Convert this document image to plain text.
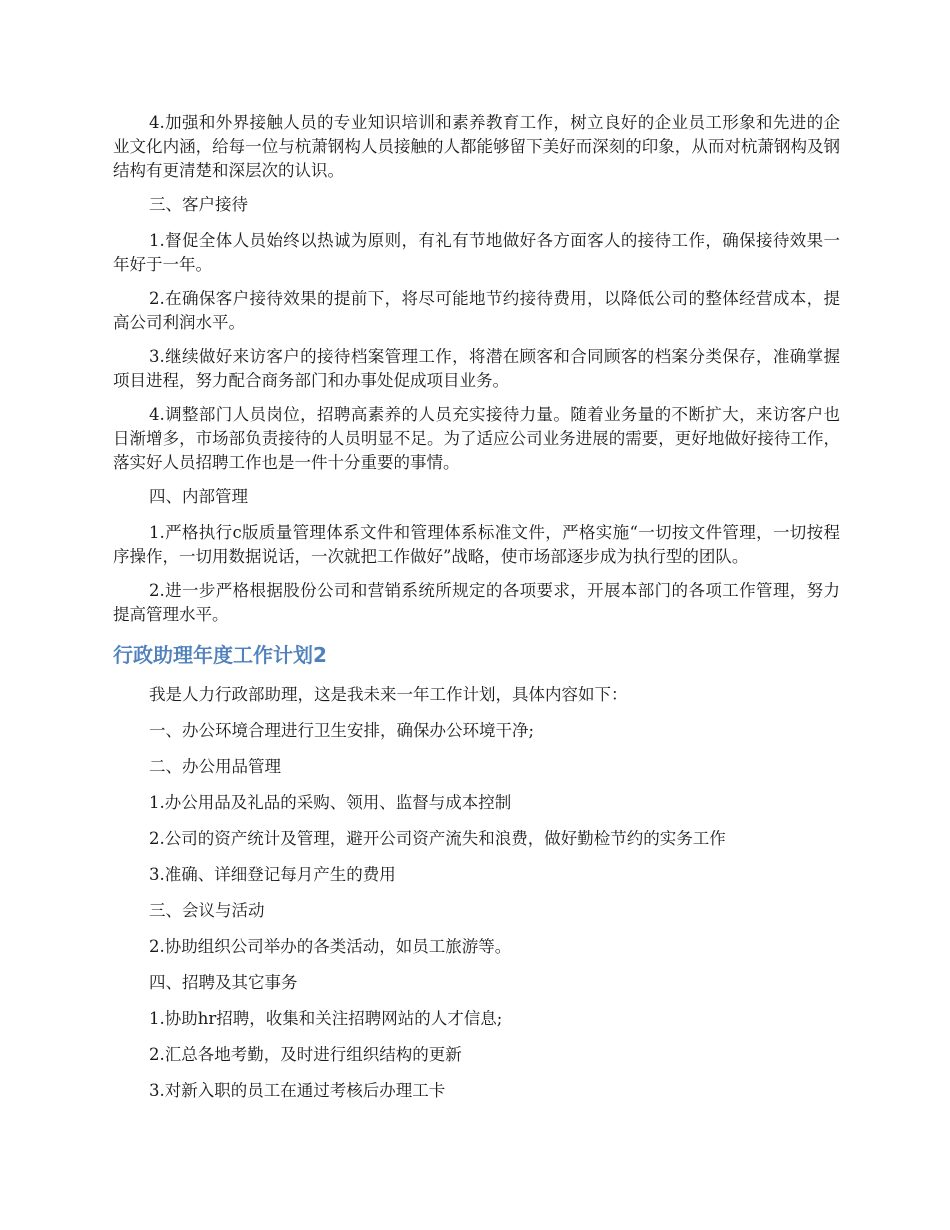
4.加强和外界接触人员的专业知识培训和素养教育工作，树立良好的企业员工形象和先进的企业文化内涵，给每一位与杭萧钢构人员接触的人都能够留下美好而深刻的印象，从而对杭萧钢构及钢结构有更清楚和深层次的认识。

三、客户接待

1.督促全体人员始终以热诚为原则，有礼有节地做好各方面客人的接待工作，确保接待效果一年好于一年。

2.在确保客户接待效果的提前下，将尽可能地节约接待费用，以降低公司的整体经营成本，提高公司利润水平。

3.继续做好来访客户的接待档案管理工作，将潜在顾客和合同顾客的档案分类保存，准确掌握项目进程，努力配合商务部门和办事处促成项目业务。

4.调整部门人员岗位，招聘高素养的人员充实接待力量。随着业务量的不断扩大，来访客户也日渐增多，市场部负责接待的人员明显不足。为了适应公司业务进展的需要，更好地做好接待工作，落实好人员招聘工作也是一件十分重要的事情。

四、内部管理

1.严格执行c版质量管理体系文件和管理体系标准文件，严格实施“一切按文件管理，一切按程序操作，一切用数据说话，一次就把工作做好”战略，使市场部逐步成为执行型的团队。

2.进一步严格根据股份公司和营销系统所规定的各项要求，开展本部门的各项工作管理，努力提高管理水平。

行政助理年度工作计划2

我是人力行政部助理，这是我未来一年工作计划，具体内容如下：

一、办公环境合理进行卫生安排，确保办公环境干净;

二、办公用品管理

1.办公用品及礼品的采购、领用、监督与成本控制

2.公司的资产统计及管理，避开公司资产流失和浪费，做好勤检节约的实务工作

3.准确、详细登记每月产生的费用

三、会议与活动

2.协助组织公司举办的各类活动，如员工旅游等。

四、招聘及其它事务

1.协助hr招聘，收集和关注招聘网站的人才信息;

2.汇总各地考勤，及时进行组织结构的更新

3.对新入职的员工在通过考核后办理工卡
